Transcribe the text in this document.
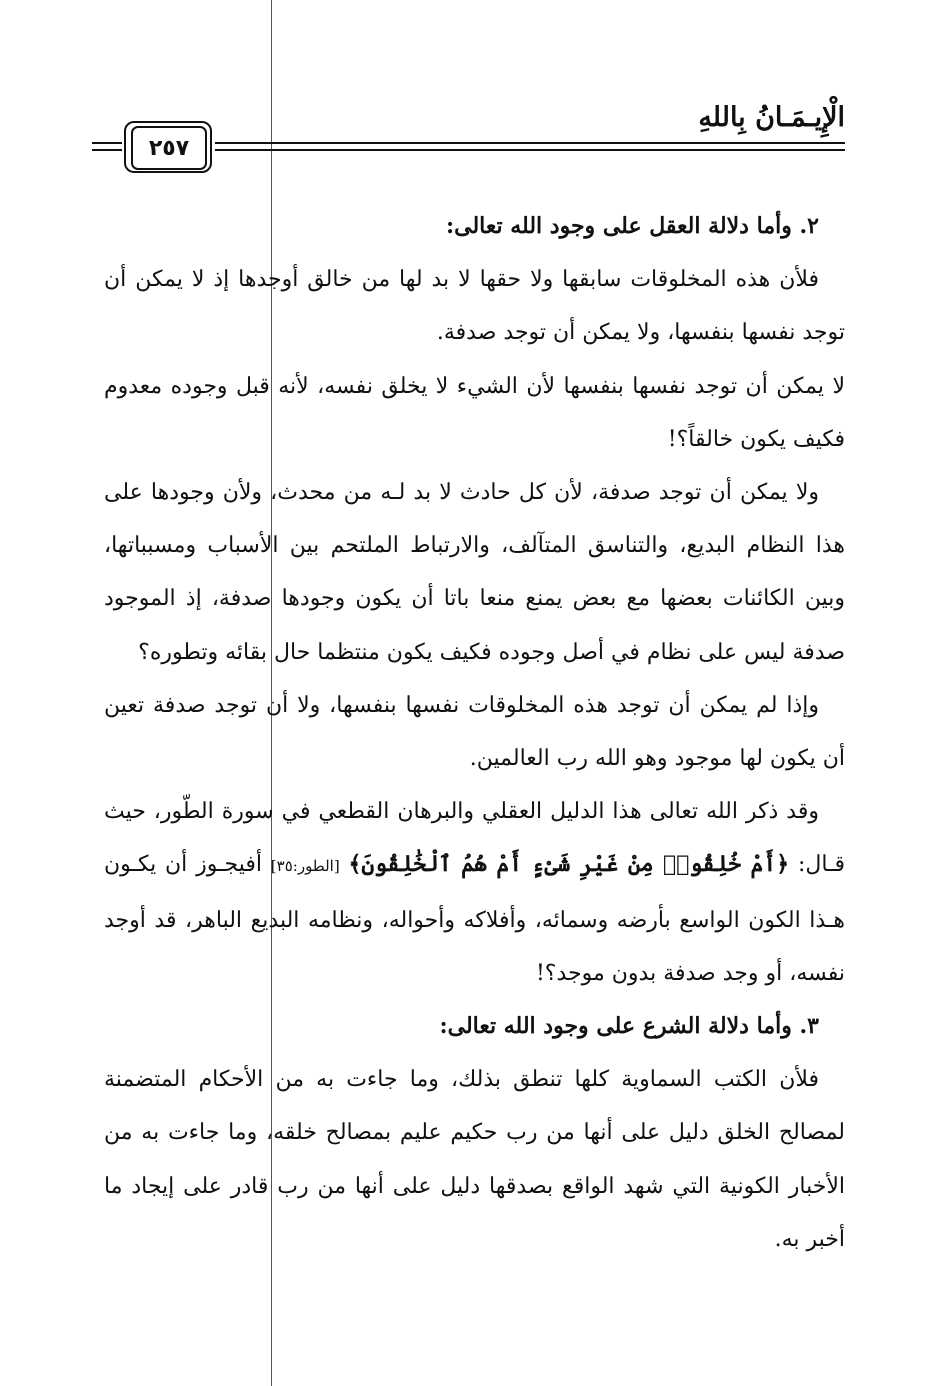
الْإِيـمَـانُ بِاللهِ
٢٥٧

٢. وأما دلالة العقل على وجود الله تعالى:

فلأن هذه المخلوقات سابقها ولا حقها لا بد لها من خالق أوجدها إذ لا يمكن أن توجد نفسها بنفسها، ولا يمكن أن توجد صدفة.

لا يمكن أن توجد نفسها بنفسها لأن الشيء لا يخلق نفسه، لأنه قبل وجوده معدوم فكيف يكون خالقاً؟!

ولا يمكن أن توجد صدفة، لأن كل حادث لا بد لـه من محدث، ولأن وجودها على هذا النظام البديع، والتناسق المتآلف، والارتباط الملتحم بين الأسباب ومسبباتها، وبين الكائنات بعضها مع بعض يمنع منعا باتا أن يكون وجودها صدفة، إذ الموجود صدفة ليس على نظام في أصل وجوده فكيف يكون منتظما حال بقائه وتطوره؟

وإذا لم يمكن أن توجد هذه المخلوقات نفسها بنفسها، ولا أن توجد صدفة تعين أن يكون لها موجود وهو الله رب العالمين.

وقد ذكر الله تعالى هذا الدليل العقلي والبرهان القطعي في سورة الطّور، حيث قـال: ﴿أَمْ خُلِقُوا۟ مِنْ غَيْرِ شَىْءٍ أَمْ هُمُ ٱلْخَٰلِقُونَ﴾ [الطور:٣٥] أفيجـوز أن يكـون هـذا الكون الواسع بأرضه وسمائه، وأفلاكه وأحواله، ونظامه البديع الباهر، قد أوجد نفسه، أو وجد صدفة بدون موجد؟!

٣. وأما دلالة الشرع على وجود الله تعالى:

فلأن الكتب السماوية كلها تنطق بذلك، وما جاءت به من الأحكام المتضمنة لمصالح الخلق دليل على أنها من رب حكيم عليم بمصالح خلقه، وما جاءت به من الأخبار الكونية التي شهد الواقع بصدقها دليل على أنها من رب قادر على إيجاد ما أخبر به.
